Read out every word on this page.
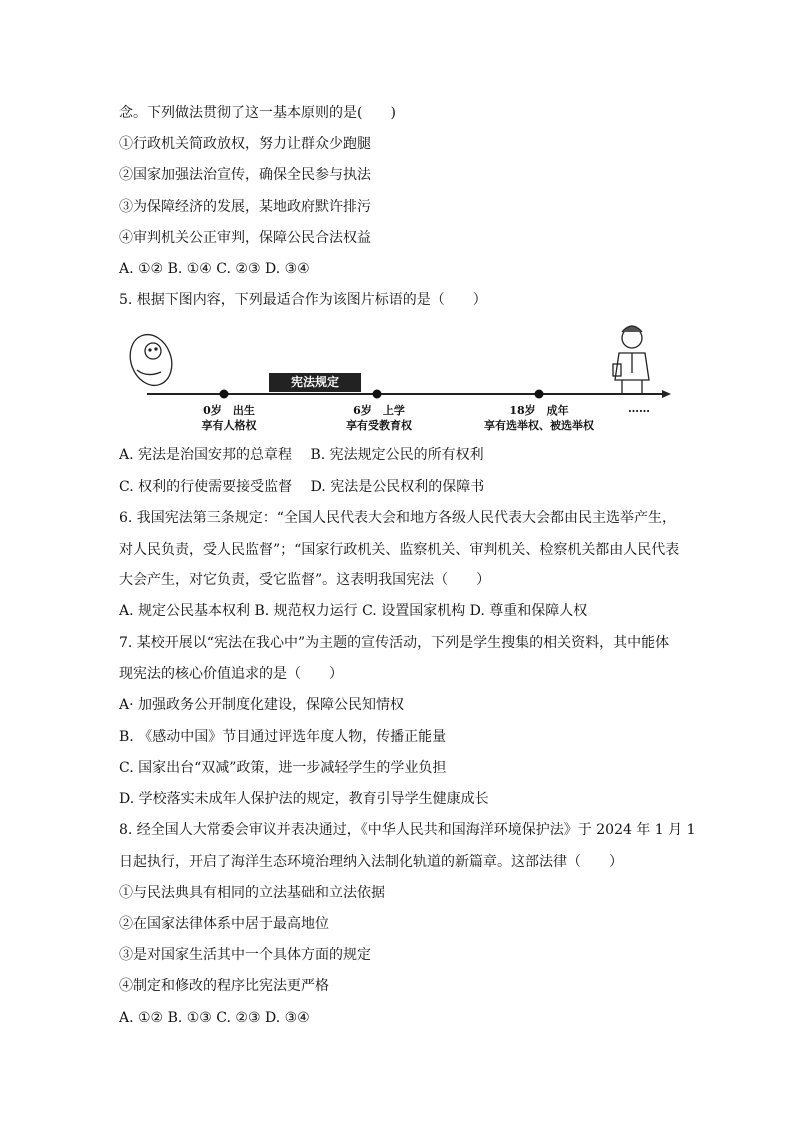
念。下列做法贯彻了这一基本原则的是(　　)
①行政机关简政放权，努力让群众少跑腿
②国家加强法治宣传，确保全民参与执法
③为保障经济的发展，某地政府默许排污
④审判机关公正审判，保障公民合法权益
A. ①② B. ①④ C. ②③ D. ③④
5. 根据下图内容，下列最适合作为该图片标语的是（　　）
宪法规定
0岁　出生
享有人格权
6岁　上学
享有受教育权
18岁　成年
享有选举权、被选举权
……
A. 宪法是治国安邦的总章程　 B. 宪法规定公民的所有权利
C. 权利的行使需要接受监督　 D. 宪法是公民权利的保障书
6. 我国宪法第三条规定：“全国人民代表大会和地方各级人民代表大会都由民主选举产生，
对人民负责，受人民监督”；“国家行政机关、监察机关、审判机关、检察机关都由人民代表
大会产生，对它负责，受它监督”。这表明我国宪法（　　）
A. 规定公民基本权利 B. 规范权力运行 C. 设置国家机构 D. 尊重和保障人权
7. 某校开展以“宪法在我心中”为主题的宣传活动，下列是学生搜集的相关资料，其中能体
现宪法的核心价值追求的是（　　）
A· 加强政务公开制度化建设，保障公民知情权
B. 《感动中国》节目通过评选年度人物，传播正能量
C. 国家出台“双减”政策，进一步减轻学生的学业负担
D. 学校落实未成年人保护法的规定，教育引导学生健康成长
8. 经全国人大常委会审议并表决通过，《中华人民共和国海洋环境保护法》于 2024 年 1 月 1
日起执行，开启了海洋生态环境治理纳入法制化轨道的新篇章。这部法律（　　）
①与民法典具有相同的立法基础和立法依据
②在国家法律体系中居于最高地位
③是对国家生活其中一个具体方面的规定
④制定和修改的程序比宪法更严格
A. ①② B. ①③ C. ②③ D. ③④
